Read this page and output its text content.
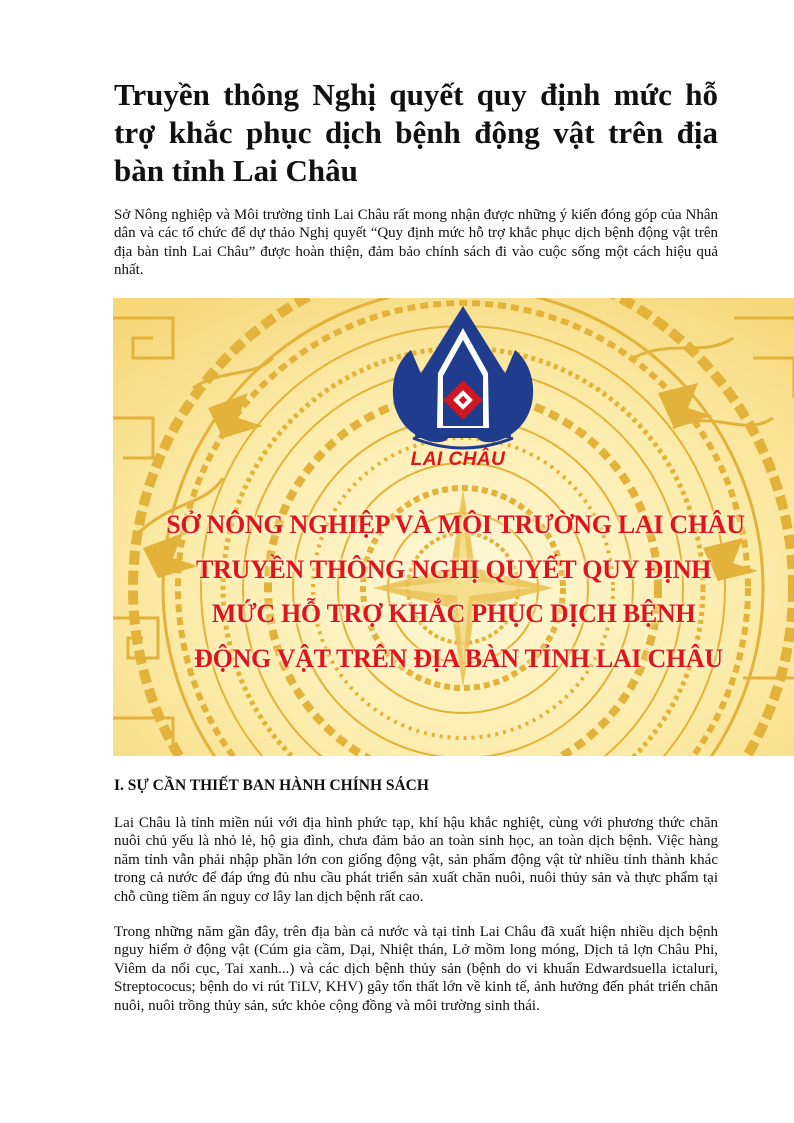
Truyền thông Nghị quyết quy định mức hỗ trợ khắc phục dịch bệnh động vật trên địa bàn tỉnh Lai Châu

Sở Nông nghiệp và Môi trường tỉnh Lai Châu rất mong nhận được những ý kiến đóng góp của Nhân dân và các tổ chức để dự thảo Nghị quyết “Quy định mức hỗ trợ khắc phục dịch bệnh động vật trên địa bàn tỉnh Lai Châu” được hoàn thiện, đảm bảo chính sách đi vào cuộc sống một cách hiệu quả nhất.

LAI CHÂU
SỞ NÔNG NGHIỆP VÀ MÔI TRƯỜNG LAI CHÂU
TRUYỀN THÔNG NGHỊ QUYẾT QUY ĐỊNH
MỨC HỖ TRỢ KHẮC PHỤC DỊCH BỆNH
ĐỘNG VẬT TRÊN ĐỊA BÀN TỈNH LAI CHÂU
I. SỰ CẦN THIẾT BAN HÀNH CHÍNH SÁCH

Lai Châu là tỉnh miền núi với địa hình phức tạp, khí hậu khắc nghiệt, cùng với phương thức chăn nuôi chủ yếu là nhỏ lẻ, hộ gia đình, chưa đảm bảo an toàn sinh học, an toàn dịch bệnh. Việc hàng năm tỉnh vẫn phải nhập phần lớn con giống động vật, sản phẩm động vật từ nhiều tỉnh thành khác trong cả nước để đáp ứng đủ nhu cầu phát triển sản xuất chăn nuôi, nuôi thủy sản và thực phẩm tại chỗ cũng tiềm ẩn nguy cơ lây lan dịch bệnh rất cao.

Trong những năm gần đây, trên địa bàn cả nước và tại tỉnh Lai Châu đã xuất hiện nhiều dịch bệnh nguy hiểm ở động vật (Cúm gia cầm, Dại, Nhiệt thán, Lở mồm long móng, Dịch tả lợn Châu Phi, Viêm da nổi cục, Tai xanh...) và các dịch bệnh thủy sản (bệnh do vi khuẩn Edwardsuella ictaluri, Streptococus; bệnh do vi rút TiLV, KHV) gây tổn thất lớn về kinh tế, ảnh hưởng đến phát triển chăn nuôi, nuôi trồng thủy sản, sức khỏe cộng đồng và môi trường sinh thái.
